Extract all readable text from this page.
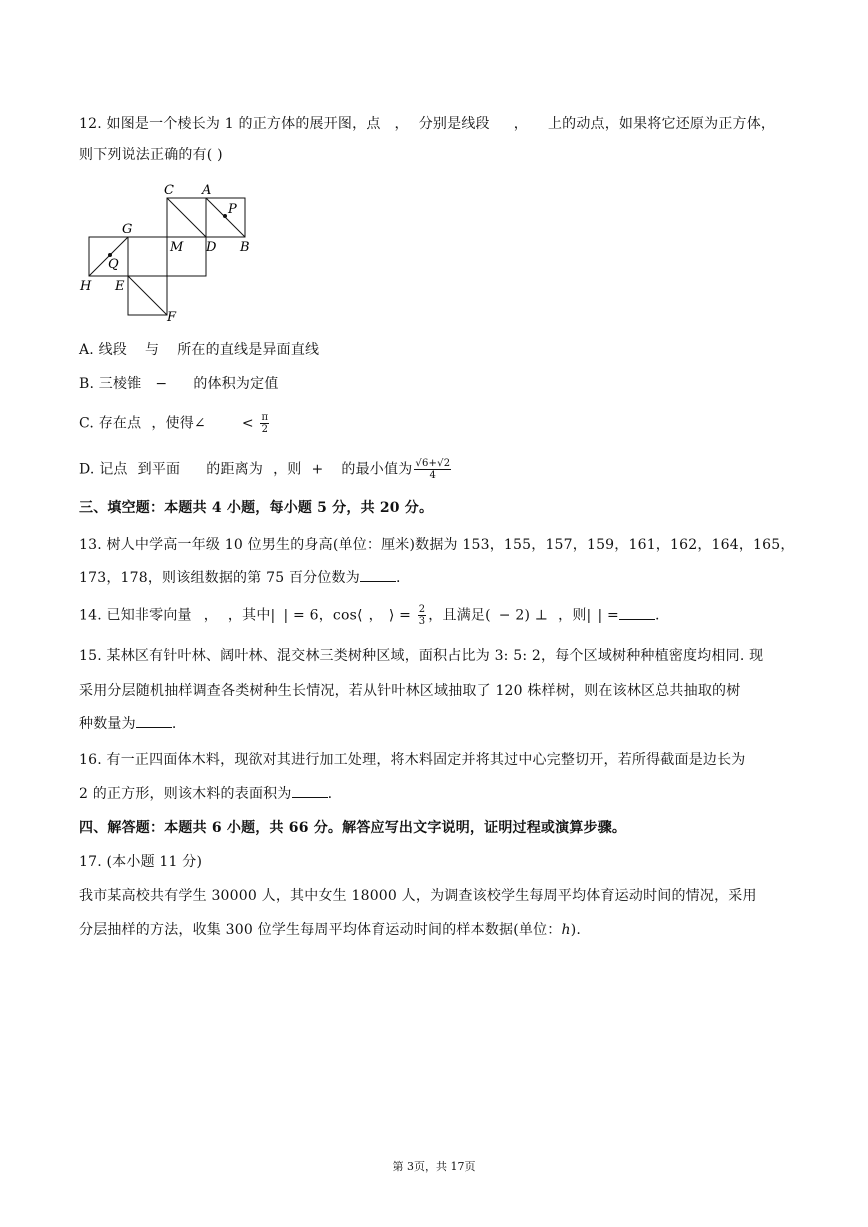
12. 如图是一个棱长为 1 的正方体的展开图，点 ， 分别是线段 ， 上的动点，如果将它还原为正方体，
则下列说法正确的有( )
C A
P
G
M D B
Q
H E
F
A. 线段 与 所在的直线是异面直线
B. 三棱锥 − 的体积为定值
C. 存在点 ，使得∠	< $\frac{\pi}{2}$
D. 记点 到平面 的距离为 ，则 + 的最小值为 $\frac{√6+√2}{4}$
三、填空题：本题共 4 小题，每小题 5 分，共 20 分。
13. 树人中学高一年级 10 位男生的身高(单位：厘米)数据为 153，155，157，159，161，162，164，165，
173，178，则该组数据的第 75 百分位数为	.
14. 已知非零向量 ， ，其中| | = 6，cos⟨ ， ⟩ = $\frac{2}{3}$ ，且满足( − 2) ⊥ ，则| | =	.
15. 某林区有针叶林、阔叶林、混交林三类树种区域，面积占比为 3: 5: 2，每个区域树种种植密度均相同. 现
采用分层随机抽样调查各类树种生长情况，若从针叶林区域抽取了 120 株样树，则在该林区总共抽取的树
种数量为	.
16. 有一正四面体木料，现欲对其进行加工处理，将木料固定并将其过中心完整切开，若所得截面是边长为
2 的正方形，则该木料的表面积为	.
四、解答题：本题共 6 小题，共 66 分。解答应写出文字说明，证明过程或演算步骤。
17. (本小题 11 分)
我市某高校共有学生 30000 人，其中女生 18000 人，为调查该校学生每周平均体育运动时间的情况，采用
分层抽样的方法，收集 300 位学生每周平均体育运动时间的样本数据(单位：h).
第 3页，共 17页
